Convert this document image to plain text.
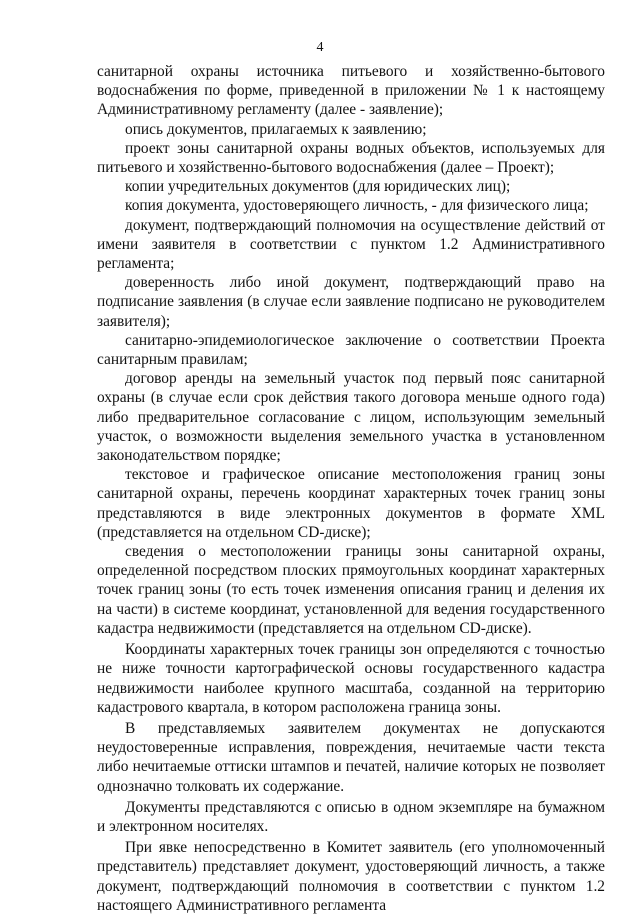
4

санитарной охраны источника питьевого и хозяйственно-бытового водоснабжения по форме, приведенной в приложении № 1 к настоящему Административному регламенту (далее - заявление);

опись документов, прилагаемых к заявлению;

проект зоны санитарной охраны водных объектов, используемых для питьевого и хозяйственно-бытового водоснабжения (далее – Проект);

копии учредительных документов (для юридических лиц);

копия документа, удостоверяющего личность, - для физического лица;

документ, подтверждающий полномочия на осуществление действий от имени заявителя в соответствии с пунктом 1.2 Административного регламента;

доверенность либо иной документ, подтверждающий право на подписание заявления (в случае если заявление подписано не руководителем заявителя);

санитарно-эпидемиологическое заключение о соответствии Проекта санитарным правилам;

договор аренды на земельный участок под первый пояс санитарной охраны (в случае если срок действия такого договора меньше одного года) либо предварительное согласование с лицом, использующим земельный участок, о возможности выделения земельного участка в установленном законодательством порядке;

текстовое и графическое описание местоположения границ зоны санитарной охраны, перечень координат характерных точек границ зоны представляются в виде электронных документов в формате XML (представляется на отдельном CD-диске);

сведения о местоположении границы зоны санитарной охраны, определенной посредством плоских прямоугольных координат характерных точек границ зоны (то есть точек изменения описания границ и деления их на части) в системе координат, установленной для ведения государственного кадастра недвижимости (представляется на отдельном CD-диске).

Координаты характерных точек границы зон определяются с точностью не ниже точности картографической основы государственного кадастра недвижимости наиболее крупного масштаба, созданной на территорию кадастрового квартала, в котором расположена граница зоны.

В представляемых заявителем документах не допускаются неудостоверенные исправления, повреждения, нечитаемые части текста либо нечитаемые оттиски штампов и печатей, наличие которых не позволяет однозначно толковать их содержание.

Документы представляются с описью в одном экземпляре на бумажном и электронном носителях.

При явке непосредственно в Комитет заявитель (его уполномоченный представитель) представляет документ, удостоверяющий личность, а также документ, подтверждающий полномочия в соответствии с пунктом 1.2 настоящего Административного регламента
